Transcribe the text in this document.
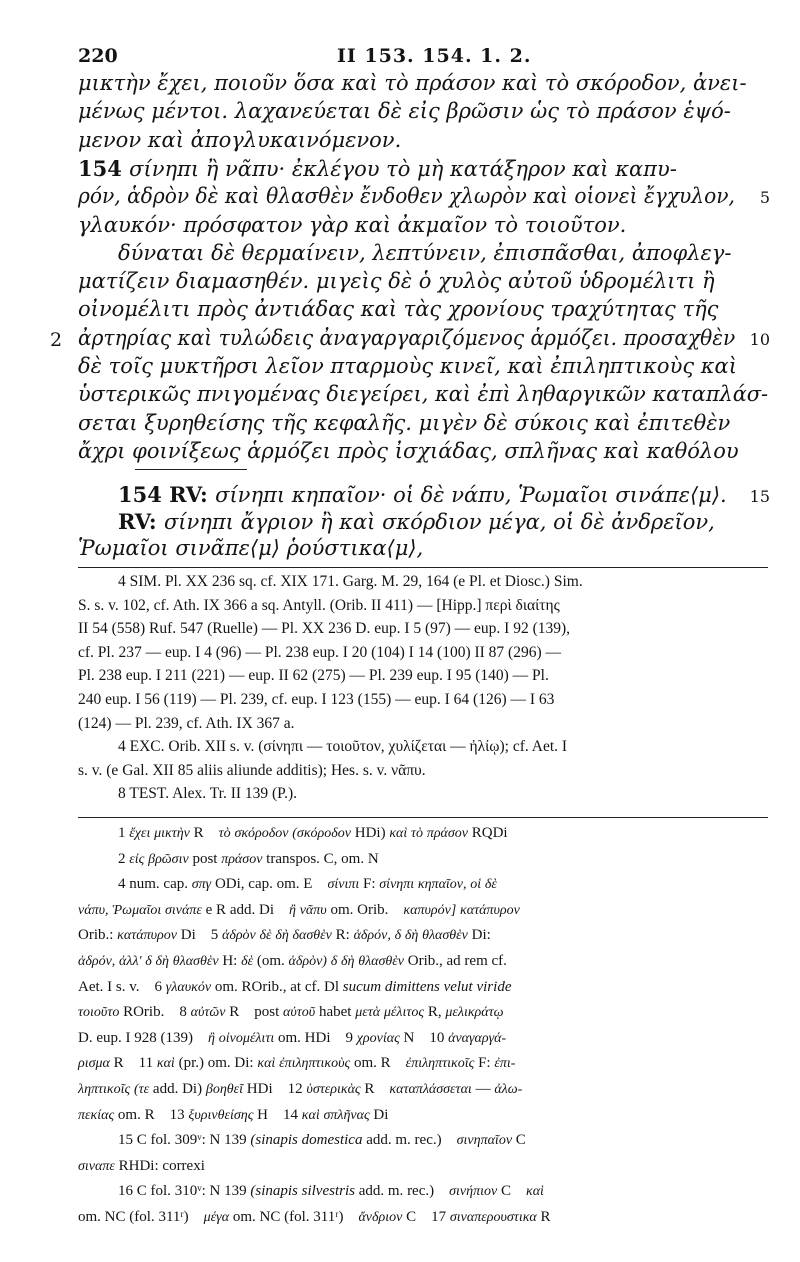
220	II 153. 154. 1. 2.
μικτὴν ἔχει, ποιοῦν ὅσα καὶ τὸ πράσον καὶ τὸ σκόροδον, ἀνει-
μένως μέντοι. λαχανεύεται δὲ εἰς βρῶσιν ὡς τὸ πράσον ἑψό-
μενον καὶ ἀπογλυκαινόμενον.
154 σίνηπι ἢ νᾶπυ· ἐκλέγου τὸ μὴ κατάξηρον καὶ καπυ-
ρόν, ἁδρὸν δὲ καὶ θλασθὲν ἔνδοθεν χλωρὸν καὶ οἱονεὶ ἔγχυλον,
γλαυκόν· πρόσφατον γὰρ καὶ ἀκμαῖον τὸ τοιοῦτον.
δύναται δὲ θερμαίνειν, λεπτύνειν, ἐπισπᾶσθαι, ἀποφλεγ-
ματίζειν διαμασηθέν. μιγεὶς δὲ ὁ χυλὸς αὐτοῦ ὑδρομέλιτι ἢ
οἰνομέλιτι πρὸς ἀντιάδας καὶ τὰς χρονίους τραχύτητας τῆς
ἀρτηρίας καὶ τυλώδεις ἀναγαργαριζόμενος ἁρμόζει. προσαχθὲν
δὲ τοῖς μυκτῆρσι λεῖον πταρμοὺς κινεῖ, καὶ ἐπιληπτικοὺς καὶ
ὑστερικῶς πνιγομένας διεγείρει, καὶ ἐπὶ ληθαργικῶν καταπλάσ-
σεται ξυρηθείσης τῆς κεφαλῆς. μιγὲν δὲ σύκοις καὶ ἐπιτεθὲν
ἄχρι φοινίξεως ἁρμόζει πρὸς ἰσχιάδας, σπλῆνας καὶ καθόλου
154 RV: σίνηπι κηπαῖον· οἱ δὲ νάπυ, Ῥωμαῖοι σινάπε⟨μ⟩.
RV: σίνηπι ἄγριον ἢ καὶ σκόρδιον μέγα, οἱ δὲ ἀνδρεῖον,
Ῥωμαῖοι σινᾶπε⟨μ⟩ ῥούστικα⟨μ⟩,
4 SIM. Pl. XX 236 sq. cf. XIX 171. Garg. M. 29, 164 (e Pl. et Diosc.) Sim.
S. s. v. 102, cf. Ath. IX 366 a sq. Antyll. (Orib. II 411) — [Hipp.] περὶ διαίτης
II 54 (558) Ruf. 547 (Ruelle) — Pl. XX 236 D. eup. I 5 (97) — eup. I 92 (139),
cf. Pl. 237 — eup. I 4 (96) — Pl. 238 eup. I 20 (104) I 14 (100) II 87 (296) —
Pl. 238 eup. I 211 (221) — eup. II 62 (275) — Pl. 239 eup. I 95 (140) — Pl.
240 eup. I 56 (119) — Pl. 239, cf. eup. I 123 (155) — eup. I 64 (126) — I 63
(124) — Pl. 239, cf. Ath. IX 367 a.
4 EXC. Orib. XII s. v. (σίνηπι — τοιοῦτον, χυλίζεται — ἠλίῳ); cf. Aet. I
s. v. (e Gal. XII 85 aliis aliunde additis); Hes. s. v. νᾶπυ.
8 TEST. Alex. Tr. II 139 (P.).
1 ἔχει μικτὴν R  τὸ σκόροδον (σκόροδον HDi) καὶ τὸ πράσον RQDi
2 εἰς βρῶσιν post πράσον transpos. C, om. N
4 num. cap. σπγ ODi, cap. om. E  σίνιπι F: σίνηπι κηπαῖον, οἱ δὲ
νάπυ, Ῥωμαῖοι σινάπε e R add. Di  ἢ νᾶπυ om. Orib.  καπυρόν] κατάπυρον
Orib.: κατάπυρον Di  5 ἁδρὸν δὲ δὴ δασθὲν R: ἁδρόν, δ δὴ θλασθὲν Di:
ἁδρόν, ἀλλ' δ δὴ θλασθὲν H: δὲ (om. ἁδρὸν) δ δὴ θλασθὲν Orib., ad rem cf.
Aet. I s. v.  6 γλαυκόν om. ROrib., at cf. Dl sucum dimittens velut viride
τοιοῦτο ROrib.  8 αὐτῶν R  post αὐτοῦ habet μετὰ μέλιτος R, μελικράτῳ
D. eup. I 928 (139)  ἢ οἰνομέλιτι om. HDi  9 χρονίας N  10 ἀναγαργά-
ρισμα R  11 καὶ (pr.) om. Di: καὶ ἐπιληπτικοὺς om. R  ἐπιληπτικοῖς F: ἐπι-
ληπτικοῖς (τε add. Di) βοηθεῖ HDi  12 ὑστερικὰς R  καταπλάσσεται — ἀλω-
πεκίας om. R  13 ξυρινθείσης H  14 καὶ σπλῆνας Di
15 C fol. 309ᵛ: N 139 (sinapis domestica add. m. rec.)  σινηπαῖον C
σιναπε RHDi: correxi
16 C fol. 310ᵛ: N 139 (sinapis silvestris add. m. rec.)  σινήπιον C  καὶ
om. NC (fol. 311ʳ)  μέγα om. NC (fol. 311ʳ)  ἄνδριον C  17 σιναπερουστικα R
5
10
2
15
